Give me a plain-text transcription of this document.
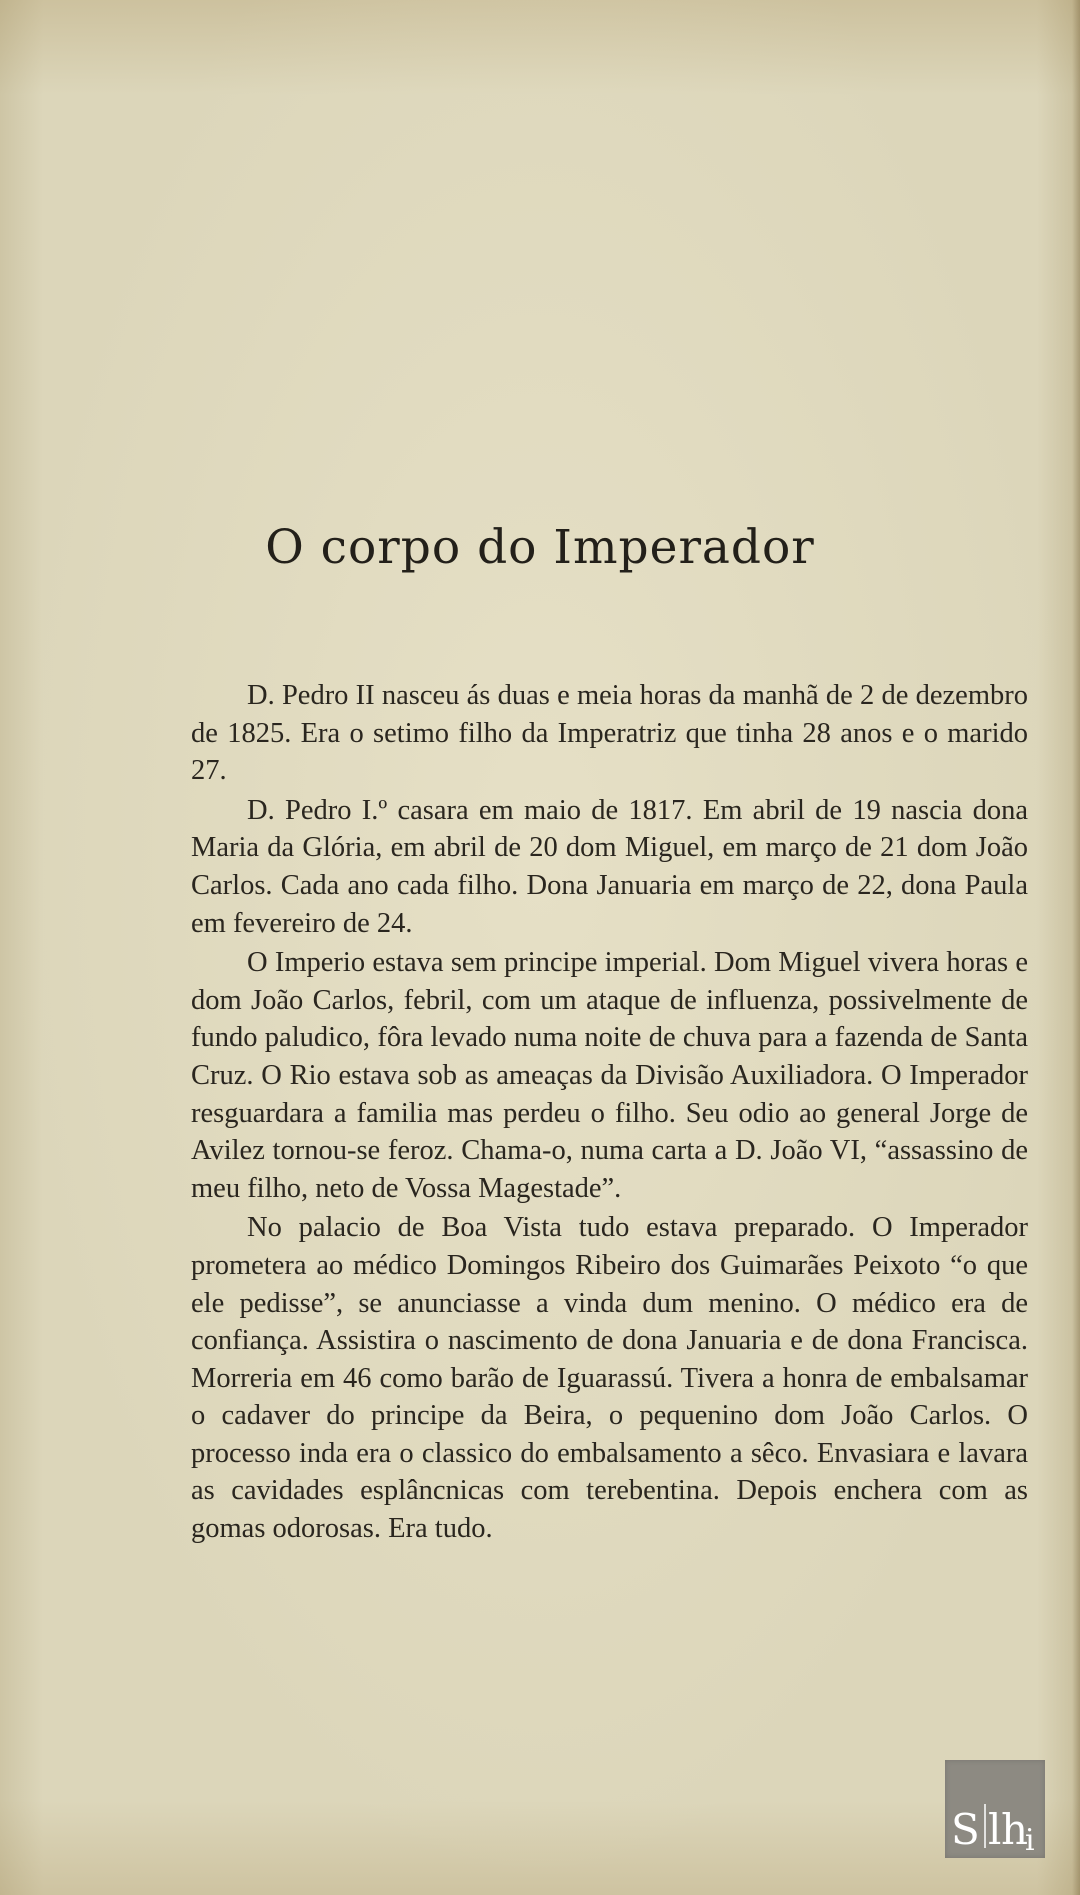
O corpo do Imperador

D. Pedro II nasceu ás duas e meia horas da manhã de 2 de dezembro de 1825. Era o setimo filho da Imperatriz que tinha 28 anos e o marido 27.

D. Pedro I.º casara em maio de 1817. Em abril de 19 nascia dona Maria da Glória, em abril de 20 dom Miguel, em março de 21 dom João Carlos. Cada ano cada filho. Dona Januaria em março de 22, dona Paula em fevereiro de 24.

O Imperio estava sem principe imperial. Dom Miguel vivera horas e dom João Carlos, febril, com um ataque de influenza, possivelmente de fundo paludico, fôra levado numa noite de chuva para a fazenda de Santa Cruz. O Rio estava sob as ameaças da Divisão Auxiliadora. O Imperador resguardara a familia mas perdeu o filho. Seu odio ao general Jorge de Avilez tornou-se feroz. Chama-o, numa carta a D. João VI, “assassino de meu filho, neto de Vossa Magestade”.

No palacio de Boa Vista tudo estava preparado. O Imperador prometera ao médico Domingos Ribeiro dos Guimarães Peixoto “o que ele pedisse”, se anunciasse a vinda dum menino. O médico era de confiança. Assistira o nascimento de dona Januaria e de dona Francisca. Morreria em 46 como barão de Iguarassú. Tivera a honra de embalsamar o cadaver do principe da Beira, o pequenino dom João Carlos. O processo inda era o classico do embalsamento a sêco. Envasiara e lavara as cavidades esplâncnicas com terebentina. Depois enchera com as gomas odorosas. Era tudo.

S l h
i
